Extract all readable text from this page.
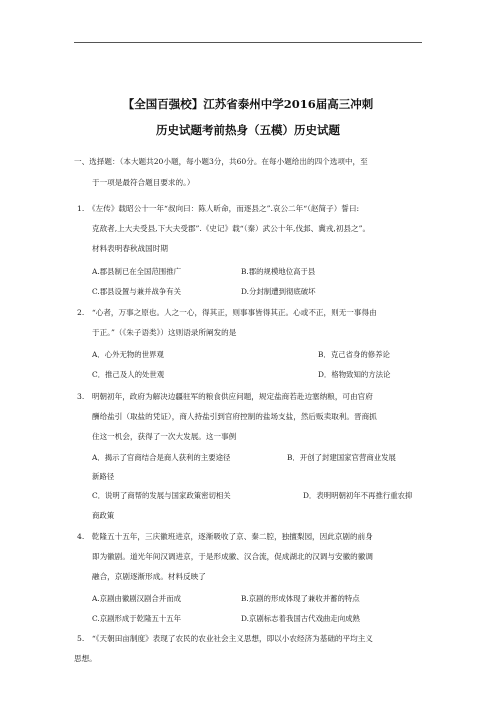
【全国百强校】江苏省泰州中学2016届高三冲刺
历史试题考前热身（五模）历史试题
一、选择题：（本大题共20小题，每小题3分，共60分。在每小题给出的四个选项中，至
于一项是最符合题目要求的。）
1.　《左传》载昭公十一年“叔向曰：陈人昕命，而逐县之”.哀公二年“（赵简子）誓曰:
克敌者,上大夫受县,下大夫受郡”.《史记》载“（秦）武公十年,伐邽、冀戎,初县之”。
材料表明春秋战国时期
A.郡县制已在全国范围推广	B.郡的规模地位高于县
C.郡县设置与兼并战争有关	D.分封制遭到彻底破坏
2.　“心者，万事之原也。人之一心，得其正，则事事皆得其正。心或不正，则无一事得由
于正。”（《朱子语类》）这则语录所阐发的是
A．心外无物的世界观	B．克己省身的修养论
C．推己及人的处世观	D．格物致知的方法论
3.　明朝初年，政府为解决边疆驻军的粮食供应问题，规定盐商若赴边塞纳粮，可由官府
酬给盐引（取盐的凭证），商人持盐引到官府控制的盐场支盐，然后贩卖取利。晋商抓
住这一机会，获得了一次大发展。这一事例
A．揭示了官商结合是商人获利的主要途径	B．开创了封建国家官营商业发展
新路径
C．说明了商帮的发展与国家政策密切相关	D．表明明朝初年不再推行重农抑
商政策
4.　乾隆五十五年，三庆徽班进京，逐渐吸收了京、秦二腔，独擅梨园，因此京剧的前身
即为徽剧。道光年间汉调进京，于是形成徽、汉合流，促成湖北的汉调与安徽的徽调
融合，京剧逐渐形成。材料反映了
A.京剧由徽剧汉剧合并而成	B.京剧的形成体现了兼收并蓄的特点
C.京剧形成于乾隆五十五年	D.京剧标志着我国古代戏曲走向成熟
5.　“《天朝田亩制度》表现了农民的农业社会主义思想，即以小农经济为基础的平均主义
思想。
